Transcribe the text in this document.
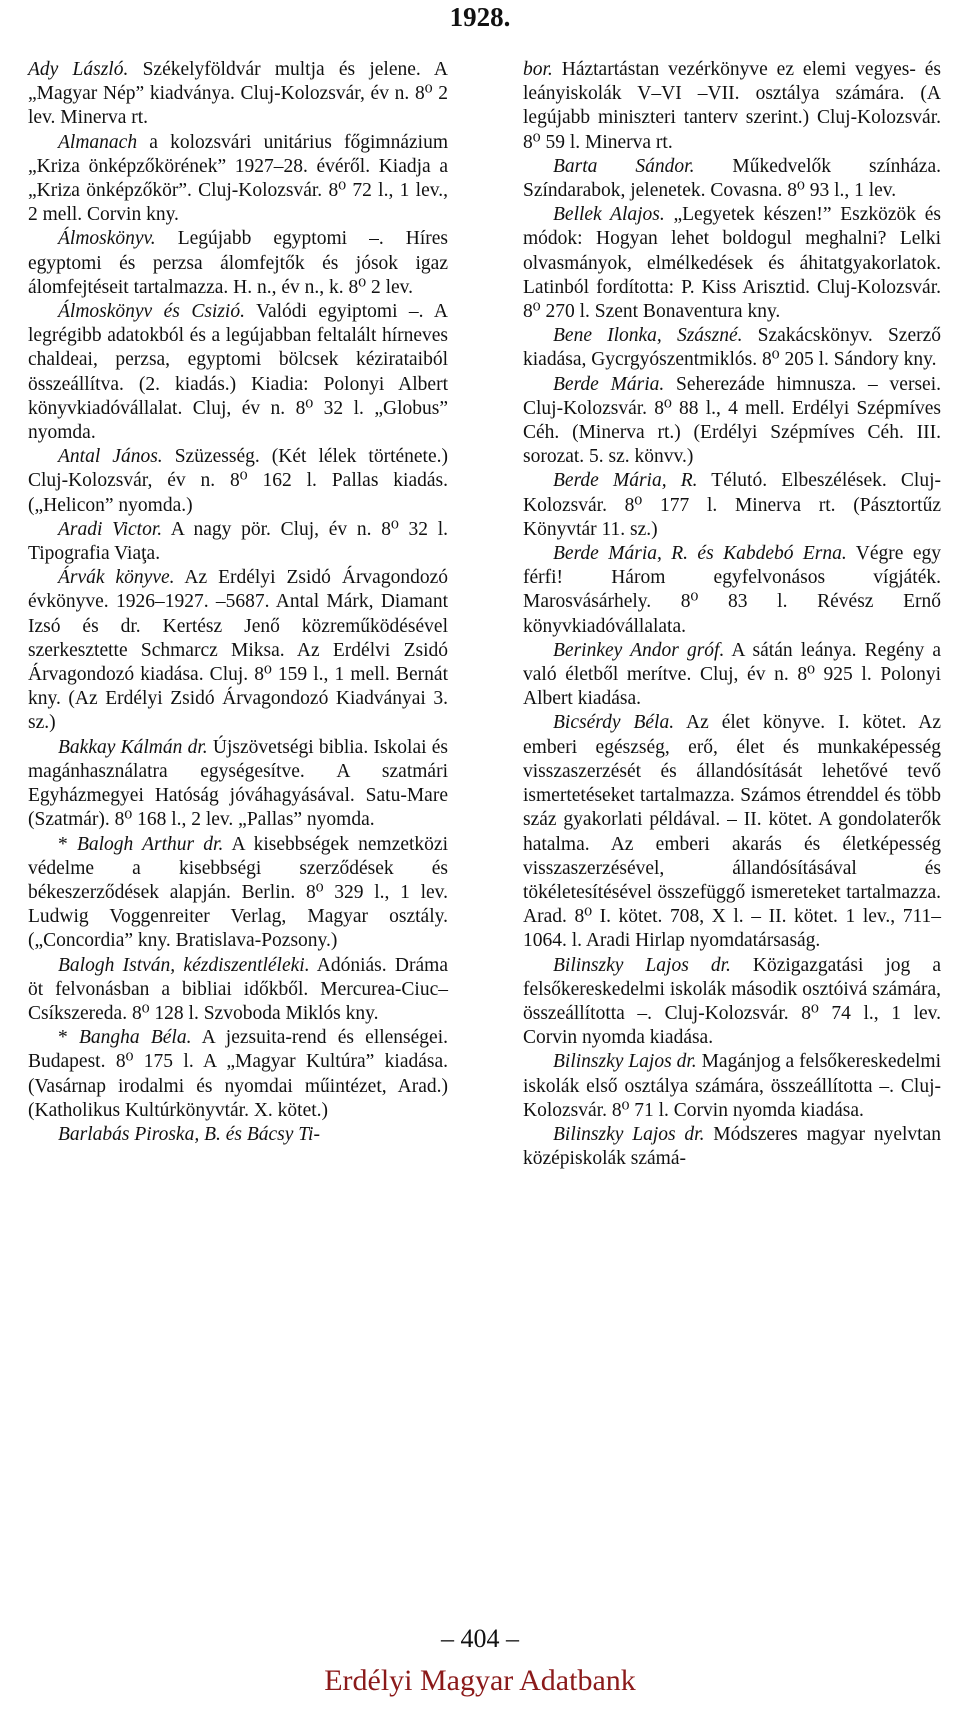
1928.

Ady László. Székelyföldvár multja és jelene. A „Magyar Nép” kiadványa. Cluj-Kolozsvár, év n. 8⁰ 2 lev. Minerva rt.

Almanach a kolozsvári unitárius főgimnázium „Kriza önképzőkörének” 1927–28. évéről. Kiadja a „Kriza önképzőkör”. Cluj-Kolozsvár. 8⁰ 72 l., 1 lev., 2 mell. Corvin kny.

Álmoskönyv. Legújabb egyptomi –. Híres egyptomi és perzsa álomfejtők és jósok igaz álomfejtéseit tartalmazza. H. n., év n., k. 8⁰ 2 lev.

Álmoskönyv és Csizió. Valódi egyiptomi –. A legrégibb adatokból és a legújabban feltalált hírneves chaldeai, perzsa, egyptomi bölcsek kézirataiból összeállítva. (2. kiadás.) Kiadia: Polonyi Albert könyvkiadóvállalat. Cluj, év n. 8⁰ 32 l. „Globus” nyomda.

Antal János. Szüzesség. (Két lélek története.) Cluj-Kolozsvár, év n. 8⁰ 162 l. Pallas kiadás. („Helicon” nyomda.)

Aradi Victor. A nagy pör. Cluj, év n. 8⁰ 32 l. Tipografia Viaţa.

Árvák könyve. Az Erdélyi Zsidó Árvagondozó évkönyve. 1926–1927. –5687. Antal Márk, Diamant Izsó és dr. Kertész Jenő közreműködésével szerkesztette Schmarcz Miksa. Az Erdélvi Zsidó Árvagondozó kiadása. Cluj. 8⁰ 159 l., 1 mell. Bernát kny. (Az Erdélyi Zsidó Árvagondozó Kiadványai 3. sz.)

Bakkay Kálmán dr. Újszövetségi biblia. Iskolai és magánhasználatra egységesítve. A szatmári Egyházmegyei Hatóság jóváhagyásával. Satu-Mare (Szatmár). 8⁰ 168 l., 2 lev. „Pallas” nyomda.

* Balogh Arthur dr. A kisebbségek nemzetközi védelme a kisebbségi szerződések és békeszerződések alapján. Berlin. 8⁰ 329 l., 1 lev. Ludwig Voggenreiter Verlag, Magyar osztály. („Concordia” kny. Bratislava-Pozsony.)

Balogh István, kézdiszentléleki. Adóniás. Dráma öt felvonásban a bibliai időkből. Mercurea-Ciuc–Csíkszereda. 8⁰ 128 l. Szvoboda Miklós kny.

* Bangha Béla. A jezsuita-rend és ellenségei. Budapest. 8⁰ 175 l. A „Magyar Kultúra” kiadása. (Vasárnap irodalmi és nyomdai műintézet, Arad.) (Katholikus Kultúrkönyvtár. X. kötet.)

Barlabás Piroska, B. és Bácsy Ti-

bor. Háztartástan vezérkönyve ez elemi vegyes- és leányiskolák V–VI –VII. osztálya számára. (A legújabb miniszteri tanterv szerint.) Cluj-Kolozsvár. 8⁰ 59 l. Minerva rt.

Barta Sándor. Műkedvelők színháza. Színdarabok, jelenetek. Covasna. 8⁰ 93 l., 1 lev.

Bellek Alajos. „Legyetek készen!” Eszközök és módok: Hogyan lehet boldogul meghalni? Lelki olvasmányok, elmélkedések és áhitatgyakorlatok. Latinból fordította: P. Kiss Arisztid. Cluj-Kolozsvár. 8⁰ 270 l. Szent Bonaventura kny.

Bene Ilonka, Szászné. Szakácskönyv. Szerző kiadása, Gycrgyószentmiklós. 8⁰ 205 l. Sándory kny.

Berde Mária. Seherezáde himnusza. – versei. Cluj-Kolozsvár. 8⁰ 88 l., 4 mell. Erdélyi Szépmíves Céh. (Minerva rt.) (Erdélyi Szépmíves Céh. III. sorozat. 5. sz. könvv.)

Berde Mária, R. Télutó. Elbeszélések. Cluj-Kolozsvár. 8⁰ 177 l. Minerva rt. (Pásztortűz Könyvtár 11. sz.)

Berde Mária, R. és Kabdebó Erna. Végre egy férfi! Három egyfelvonásos vígjáték. Marosvásárhely. 8⁰ 83 l. Révész Ernő könyvkiadóvállalata.

Berinkey Andor gróf. A sátán leánya. Regény a való életből merítve. Cluj, év n. 8⁰ 925 l. Polonyi Albert kiadása.

Bicsérdy Béla. Az élet könyve. I. kötet. Az emberi egészség, erő, élet és munkaképesség visszaszerzését és állandósítását lehetővé tevő ismertetéseket tartalmazza. Számos étrenddel és több száz gyakorlati példával. – II. kötet. A gondolaterők hatalma. Az emberi akarás és életképesség visszaszerzésével, állandósításával és tökéletesítésével összefüggő ismereteket tartalmazza. Arad. 8⁰ I. kötet. 708, X l. – II. kötet. 1 lev., 711–1064. l. Aradi Hirlap nyomdatársaság.

Bilinszky Lajos dr. Közigazgatási jog a felsőkereskedelmi iskolák második osztóivá számára, összeállította –. Cluj-Kolozsvár. 8⁰ 74 l., 1 lev. Corvin nyomda kiadása.

Bilinszky Lajos dr. Magánjog a felsőkereskedelmi iskolák első osztálya számára, összeállította –. Cluj-Kolozsvár. 8⁰ 71 l. Corvin nyomda kiadása.

Bilinszky Lajos dr. Módszeres magyar nyelvtan középiskolák számá-

– 404 –
Erdélyi Magyar Adatbank
